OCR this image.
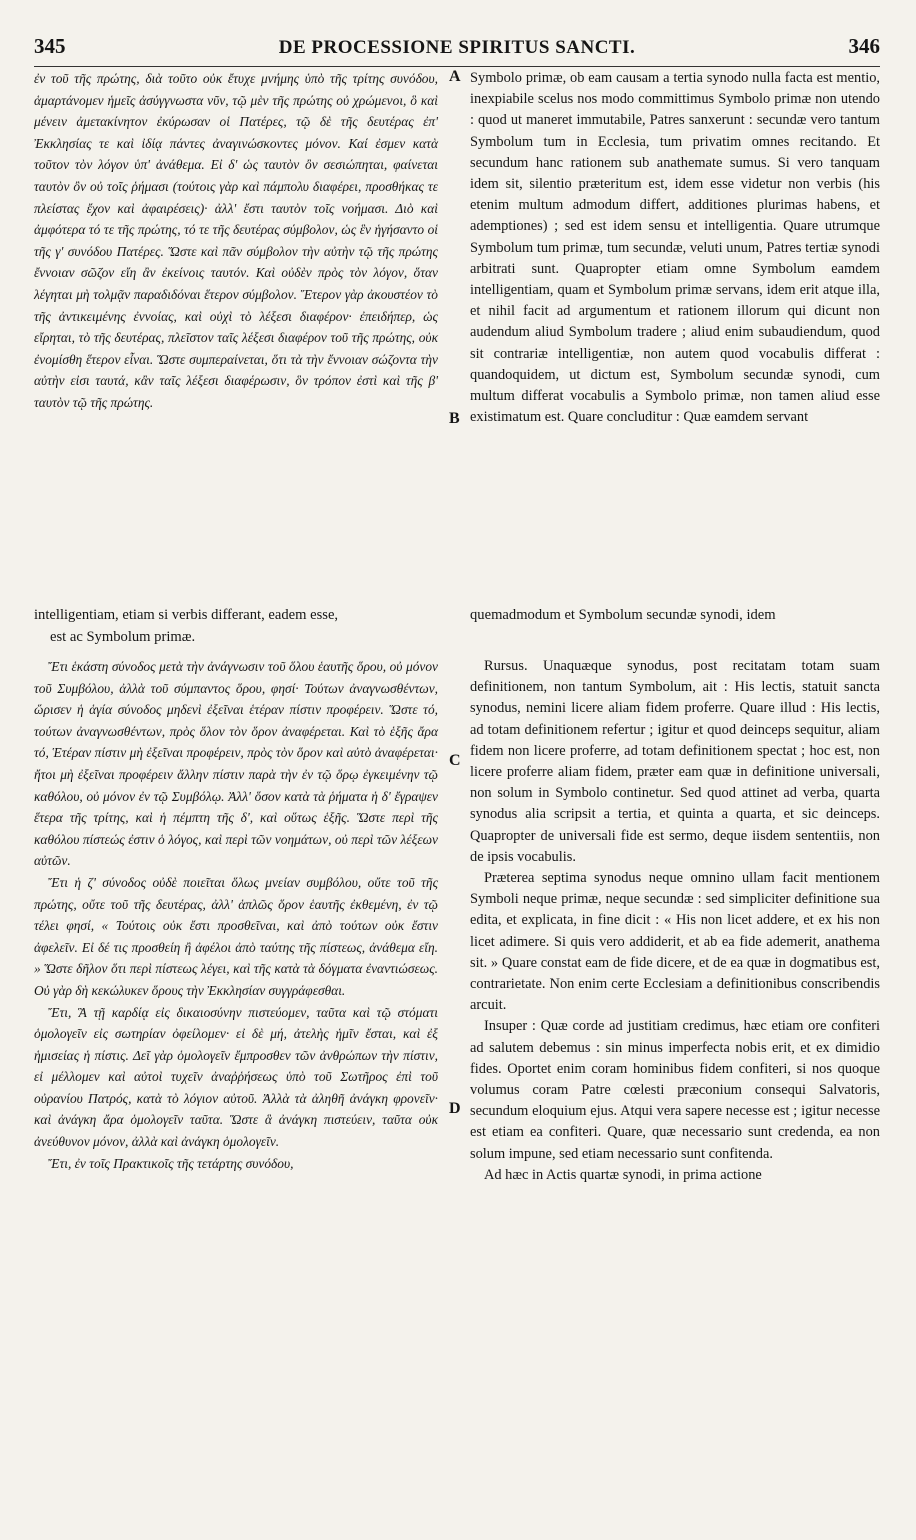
345	DE PROCESSIONE SPIRITUS SANCTI.	346

ἐν τοῦ τῆς πρώτης, διὰ τοῦτο οὐκ ἔτυχε μνήμης ὑπὸ τῆς τρίτης συνόδου, ἁμαρτάνομεν ἡμεῖς ἀσύγγνωστα νῦν, τῷ μὲν τῆς πρώτης οὐ χρώμενοι, ὃ καὶ μένειν ἀμετακίνητον ἐκύρωσαν οἱ Πατέρες, τῷ δὲ τῆς δευτέρας ἐπ' Ἐκκλησίας τε καὶ ἰδίᾳ πάντες ἀναγινώσκοντες μόνον. Καί ἐσμεν κατὰ τοῦτον τὸν λόγον ὑπ' ἀνάθεμα. Εἰ δ' ὡς ταυτὸν ὂν σεσιώπηται, φαίνεται ταυτὸν ὂν οὐ τοῖς ῥήμασι (τούτοις γὰρ καὶ πάμπολυ διαφέρει, προσθήκας τε πλείστας ἔχον καὶ ἀφαιρέσεις)· ἀλλ' ἔστι ταυτὸν τοῖς νοήμασι. Διὸ καὶ ἀμφότερα τό τε τῆς πρώτης, τό τε τῆς δευτέρας σύμβολον, ὡς ἓν ἡγήσαντο οἱ τῆς γ' συνόδου Πατέρες. Ὥστε καὶ πᾶν σύμβολον τὴν αὐτὴν τῷ τῆς πρώτης ἔννοιαν σῶζον εἴη ἂν ἐκείνοις ταυτόν. Καὶ οὐδὲν πρὸς τὸν λόγον, ὅταν λέγηται μὴ τολμᾷν παραδιδόναι ἕτερον σύμβολον. Ἕτερον γὰρ ἀκουστέον τὸ τῆς ἀντικειμένης ἐννοίας, καὶ οὐχὶ τὸ λέξεσι διαφέρον· ἐπειδήπερ, ὡς εἴρηται, τὸ τῆς δευτέρας, πλεῖστον ταῖς λέξεσι διαφέρον τοῦ τῆς πρώτης, οὐκ ἐνομίσθη ἕτερον εἶναι. Ὥστε συμπεραίνεται, ὅτι τὰ τὴν ἔννοιαν σώζοντα τὴν αὐτὴν εἰσι ταυτά, κἂν ταῖς λέξεσι διαφέρωσιν, ὃν τρόπον ἐστὶ καὶ τῆς β' ταυτὸν τῷ τῆς πρώτης.

Symbolo primæ, ob eam causam a tertia synodo nulla facta est mentio, inexpiabile scelus nos modo committimus Symbolo primæ non utendo : quod ut maneret immutabile, Patres sanxerunt : secundæ vero tantum Symbolum tum in Ecclesia, tum privatim omnes recitando. Et secundum hanc rationem sub anathemate sumus. Si vero tanquam idem sit, silentio præteritum est, idem esse videtur non verbis (his etenim multum admodum differt, additiones plurimas habens, et ademptiones) ; sed est idem sensu et intelligentia. Quare utrumque Symbolum tum primæ, tum secundæ, veluti unum, Patres tertiæ synodi arbitrati sunt. Quapropter etiam omne Symbolum eamdem intelligentiam, quam et Symbolum primæ servans, idem erit atque illa, et nihil facit ad argumentum et rationem illorum qui dicunt non audendum aliud Symbolum tradere ; aliud enim subaudiendum, quod sit contrariæ intelligentiæ, non autem quod vocabulis differat : quandoquidem, ut dictum est, Symbolum secundæ synodi, cum multum differat vocabulis a Symbolo primæ, non tamen aliud esse existimatum est. Quare concluditur : Quæ eamdem servant

A
B
C
D
intelligentiam, etiam si verbis differant, eadem esse,	quemadmodum et Symbolum secundæ synodi, idem
est ac Symbolum primæ.

Ἔτι ἑκάστη σύνοδος μετὰ τὴν ἀνάγνωσιν τοῦ ὅλου ἑαυτῆς ὅρου, οὐ μόνον τοῦ Συμβόλου, ἀλλὰ τοῦ σύμπαντος ὅρου, φησί· Τούτων ἀναγνωσθέντων, ὥρισεν ἡ ἁγία σύνοδος μηδενὶ ἐξεῖναι ἑτέραν πίστιν προφέρειν. Ὥστε τό, τούτων ἀναγνωσθέντων, πρὸς ὅλον τὸν ὅρον ἀναφέρεται. Καὶ τὸ ἑξῆς ἄρα τό, Ἑτέραν πίστιν μὴ ἐξεῖναι προφέρειν, πρὸς τὸν ὅρον καὶ αὐτὸ ἀναφέρεται· ἤτοι μὴ ἐξεῖναι προφέρειν ἄλλην πίστιν παρὰ τὴν ἐν τῷ ὅρῳ ἐγκειμένην τῷ καθόλου, οὐ μόνον ἐν τῷ Συμβόλῳ. Ἀλλ' ὅσον κατὰ τὰ ῥήματα ἡ δ' ἔγραψεν ἕτερα τῆς τρίτης, καὶ ἡ πέμπτη τῆς δ', καὶ οὕτως ἑξῆς. Ὥστε περὶ τῆς καθόλου πίστεώς ἐστιν ὁ λόγος, καὶ περὶ τῶν νοημάτων, οὐ περὶ τῶν λέξεων αὐτῶν.

Ἔτι ἡ ζ' σύνοδος οὐδὲ ποιεῖται ὅλως μνείαν συμβόλου, οὔτε τοῦ τῆς πρώτης, οὔτε τοῦ τῆς δευτέρας, ἀλλ' ἁπλῶς ὅρον ἑαυτῆς ἐκθεμένη, ἐν τῷ τέλει φησί, « Τούτοις οὐκ ἔστι προσθεῖναι, καὶ ἀπὸ τούτων οὐκ ἔστιν ἀφελεῖν. Εἰ δέ τις προσθείη ἢ ἀφέλοι ἀπὸ ταύτης τῆς πίστεως, ἀνάθεμα εἴη. » Ὥστε δῆλον ὅτι περὶ πίστεως λέγει, καὶ τῆς κατὰ τὰ δόγματα ἐναντιώσεως. Οὐ γὰρ δὴ κεκώλυκεν ὅρους τὴν Ἐκκλησίαν συγγράφεσθαι.

Ἔτι, Ἃ τῇ καρδίᾳ εἰς δικαιοσύνην πιστεύομεν, ταῦτα καὶ τῷ στόματι ὁμολογεῖν εἰς σωτηρίαν ὀφείλομεν· εἰ δὲ μή, ἀτελὴς ἡμῖν ἔσται, καὶ ἐξ ἡμισείας ἡ πίστις. Δεῖ γὰρ ὁμολογεῖν ἔμπροσθεν τῶν ἀνθρώπων τὴν πίστιν, εἰ μέλλομεν καὶ αὐτοὶ τυχεῖν ἀναῤῥήσεως ὑπὸ τοῦ Σωτῆρος ἐπὶ τοῦ οὐρανίου Πατρός, κατὰ τὸ λόγιον αὐτοῦ. Ἀλλὰ τὰ ἀληθῆ ἀνάγκη φρονεῖν· καὶ ἀνάγκη ἄρα ὁμολογεῖν ταῦτα. Ὥστε ἃ ἀνάγκη πιστεύειν, ταῦτα οὐκ ἀνεύθυνον μόνον, ἀλλὰ καὶ ἀνάγκη ὁμολογεῖν.

Ἔτι, ἐν τοῖς Πρακτικοῖς τῆς τετάρτης συνόδου,

Rursus. Unaquæque synodus, post recitatam totam suam definitionem, non tantum Symbolum, ait : His lectis, statuit sancta synodus, nemini licere aliam fidem proferre. Quare illud : His lectis, ad totam definitionem refertur ; igitur et quod deinceps sequitur, aliam fidem non licere proferre, ad totam definitionem spectat ; hoc est, non licere proferre aliam fidem, præter eam quæ in definitione universali, non solum in Symbolo continetur. Sed quod attinet ad verba, quarta synodus alia scripsit a tertia, et quinta a quarta, et sic deinceps. Quapropter de universali fide est sermo, deque iisdem sententiis, non de ipsis vocabulis.

Præterea septima synodus neque omnino ullam facit mentionem Symboli neque primæ, neque secundæ : sed simpliciter definitione sua edita, et explicata, in fine dicit : « His non licet addere, et ex his non licet adimere. Si quis vero addiderit, et ab ea fide ademerit, anathema sit. » Quare constat eam de fide dicere, et de ea quæ in dogmatibus est, contrarietate. Non enim certe Ecclesiam a definitionibus conscribendis arcuit.

Insuper : Quæ corde ad justitiam credimus, hæc etiam ore confiteri ad salutem debemus : sin minus imperfecta nobis erit, et ex dimidio fides. Oportet enim coram hominibus fidem confiteri, si nos quoque volumus coram Patre cœlesti præconium consequi Salvatoris, secundum eloquium ejus. Atqui vera sapere necesse est ; igitur necesse est etiam ea confiteri. Quare, quæ necessario sunt credenda, ea non solum impune, sed etiam necessario sunt confitenda.

Ad hæc in Actis quartæ synodi, in prima actione
